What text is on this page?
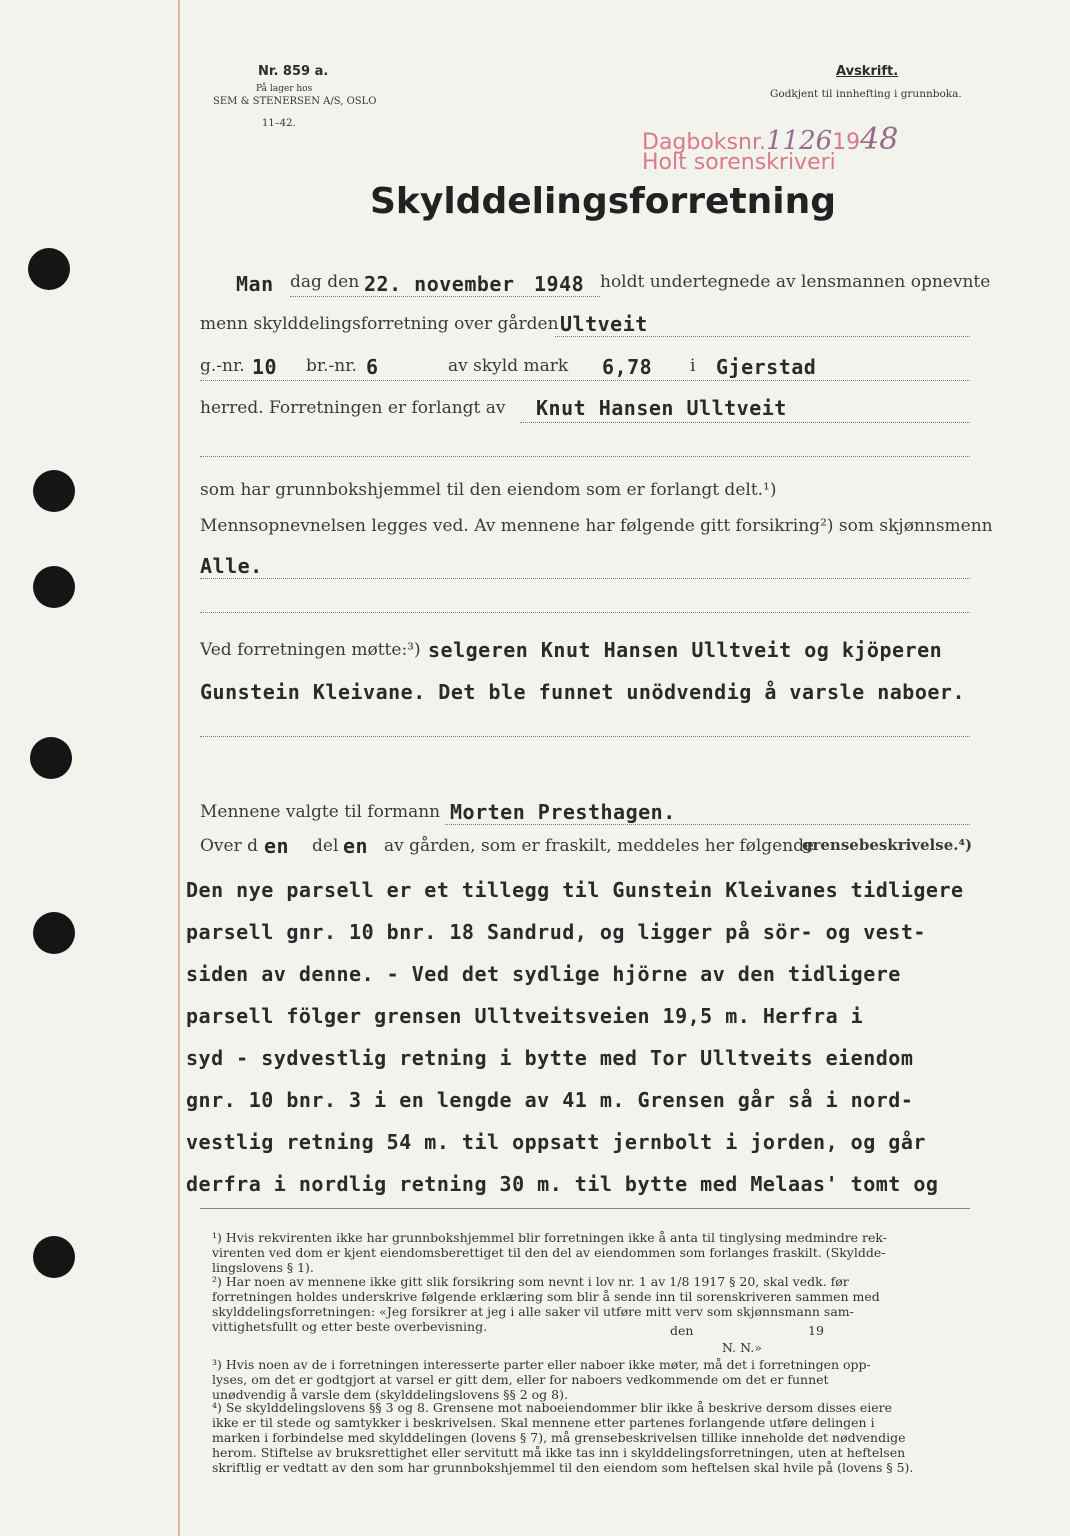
Nr. 859 a.
På lager hos
SEM & STENERSEN A/S, OSLO
11–42.
Avskrift.
Godkjent til innhefting i grunnboka.
Dagboksnr.11261948
Holt sorenskriveri
Skylddelingsforretning
Man dag den 22. november 1948 holdt undertegnede av lensmannen opnevnte
menn skylddelingsforretning over gården Ultveit
g.-nr. 10 br.-nr. 6	av skyld mark 6,78 i Gjerstad
herred. Forretningen er forlangt av Knut Hansen Ulltveit
som har grunnbokshjemmel til den eiendom som er forlangt delt.¹)
Mennsopnevnelsen legges ved. Av mennene har følgende gitt forsikring²) som skjønnsmenn
Alle.
Ved forretningen møtte:³) selgeren Knut Hansen Ulltveit og kjöperen
Gunstein Kleivane. Det ble funnet unödvendig å varsle naboer.
Mennene valgte til formann Morten Presthagen.
Over d en del en av gården, som er fraskilt, meddeles her følgende
grensebeskrivelse.⁴)
Den nye parsell er et tillegg til Gunstein Kleivanes tidligere
parsell gnr. 10 bnr. 18 Sandrud, og ligger på sör- og vest-
siden av denne. - Ved det sydlige hjörne av den tidligere
parsell fölger grensen Ulltveitsveien 19,5 m. Herfra i
syd - sydvestlig retning i bytte med Tor Ulltveits eiendom
gnr. 10 bnr. 3 i en lengde av 41 m. Grensen går så i nord-
vestlig retning 54 m. til oppsatt jernbolt i jorden, og går
derfra i nordlig retning 30 m. til bytte med Melaas' tomt og
¹) Hvis rekvirenten ikke har grunnbokshjemmel blir forretningen ikke å anta til tinglysing medmindre rek-
virenten ved dom er kjent eiendomsberettiget til den del av eiendommen som forlanges fraskilt. (Skyldde-
lingslovens § 1).
²) Har noen av mennene ikke gitt slik forsikring som nevnt i lov nr. 1 av 1/8 1917 § 20, skal vedk. før
forretningen holdes underskrive følgende erklæring som blir å sende inn til sorenskriveren sammen med
skylddelingsforretningen: «Jeg forsikrer at jeg i alle saker vil utføre mitt verv som skjønnsmann sam-
vittighetsfullt og etter beste overbevisning.	den	19
N. N.»
³) Hvis noen av de i forretningen interesserte parter eller naboer ikke møter, må det i forretningen opp-
lyses, om det er godtgjort at varsel er gitt dem, eller for naboers vedkommende om det er funnet
unødvendig å varsle dem (skylddelingslovens §§ 2 og 8).
⁴) Se skylddelingslovens §§ 3 og 8. Grensene mot naboeiendommer blir ikke å beskrive dersom disses eiere
ikke er til stede og samtykker i beskrivelsen. Skal mennene etter partenes forlangende utføre delingen i
marken i forbindelse med skylddelingen (lovens § 7), må grensebeskrivelsen tillike inneholde det nødvendige
herom. Stiftelse av bruksrettighet eller servitutt må ikke tas inn i skylddelingsforretningen, uten at heftelsen
skriftlig er vedtatt av den som har grunnbokshjemmel til den eiendom som heftelsen skal hvile på (lovens § 5).
